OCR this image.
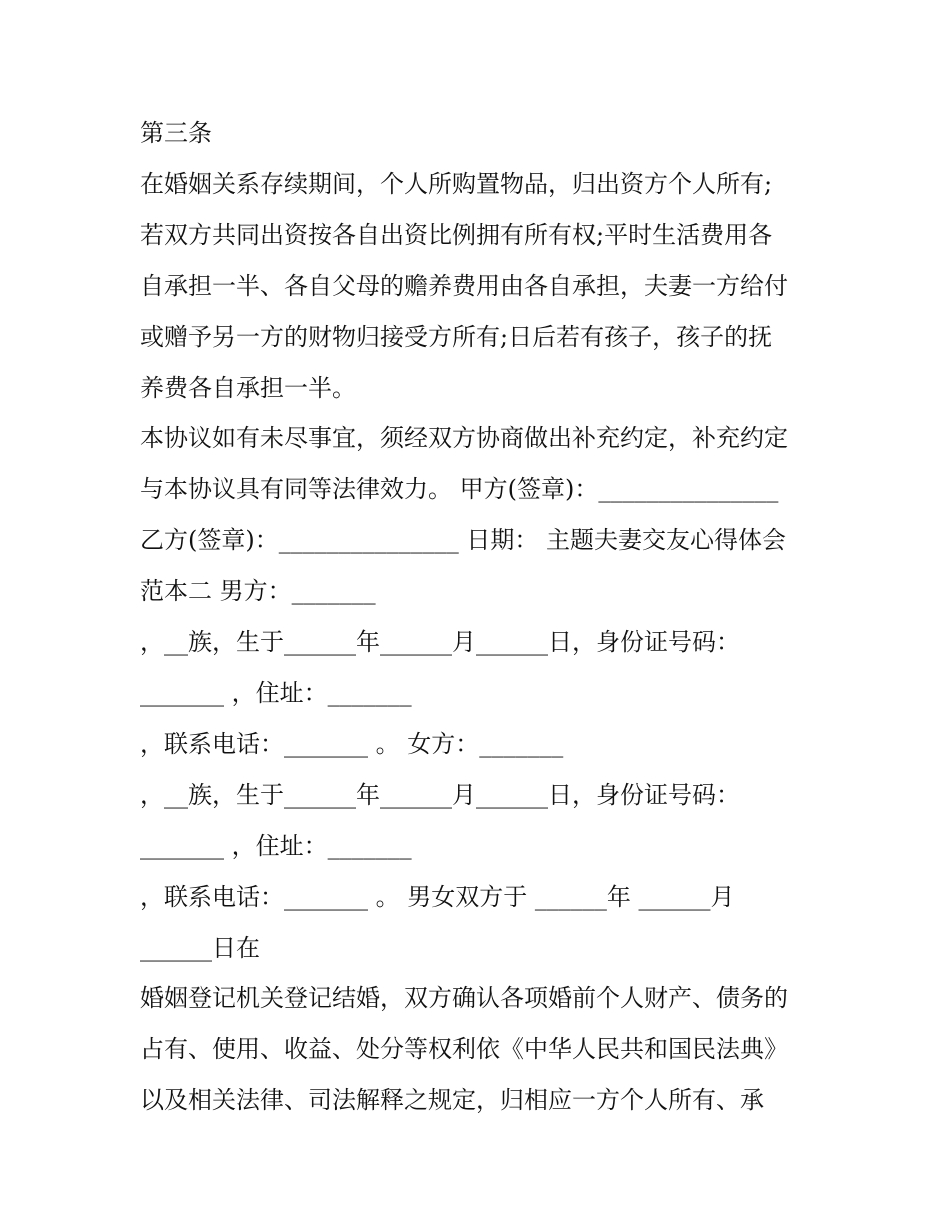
第三条
在婚姻关系存续期间，个人所购置物品，归出资方个人所有;
若双方共同出资按各自出资比例拥有所有权;平时生活费用各
自承担一半、各自父母的赡养费用由各自承担，夫妻一方给付
或赠予另一方的财物归接受方所有;日后若有孩子，孩子的抚
养费各自承担一半。
本协议如有未尽事宜，须经双方协商做出补充约定，补充约定
与本协议具有同等法律效力。 甲方(签章)：_______________
乙方(签章)：_______________ 日期： 主题夫妻交友心得体会
范本二 男方：_______
，__族，生于______年______月______日，身份证号码：
_______ ，住址：_______
，联系电话：_______ 。 女方：_______
，__族，生于______年______月______日，身份证号码：
_______ ，住址：_______
，联系电话：_______ 。 男女双方于 ______年 ______月
______日在
婚姻登记机关登记结婚，双方确认各项婚前个人财产、债务的
占有、使用、收益、处分等权利依《中华人民共和国民法典》
以及相关法律、司法解释之规定，归相应一方个人所有、承
